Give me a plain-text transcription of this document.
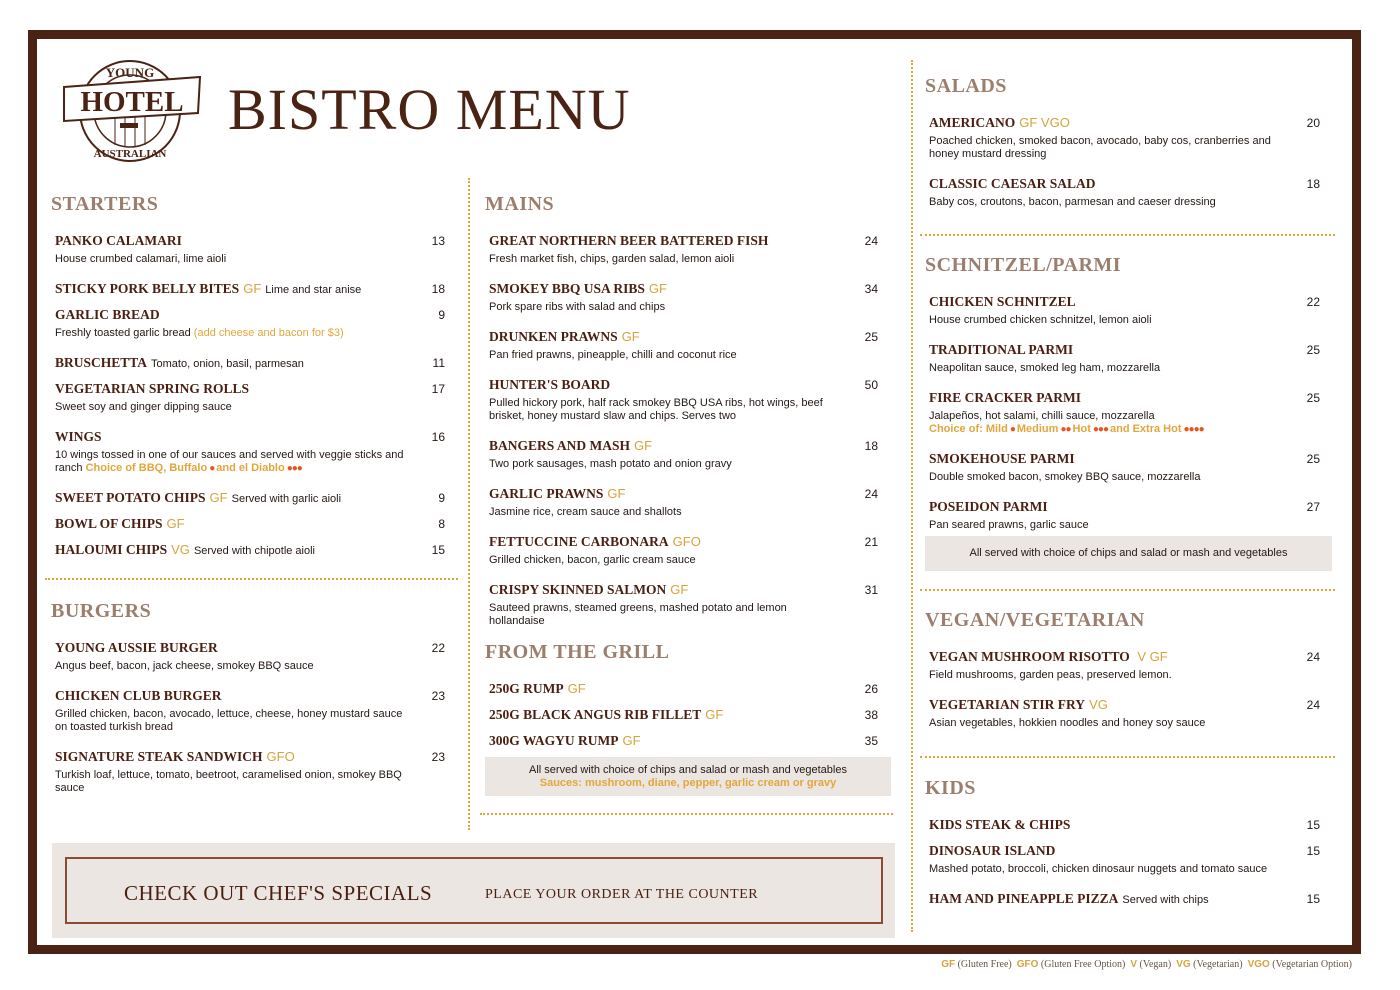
YOUNG
HOTEL
AUSTRALIAN
BISTRO MENU
STARTERS
PANKO CALAMARI	13
House crumbed calamari, lime aioli
STICKY PORK BELLY BITES GF Lime and star anise	18
GARLIC BREAD	9
Freshly toasted garlic bread (add cheese and bacon for $3)
BRUSCHETTA Tomato, onion, basil, parmesan	11
VEGETARIAN SPRING ROLLS	17
Sweet soy and ginger dipping sauce
WINGS	16
10 wings tossed in one of our sauces and served with veggie sticks and ranch Choice of BBQ, Buffalo ● and el Diablo ●●●
SWEET POTATO CHIPS GF Served with garlic aioli	9
BOWL OF CHIPS GF	8
HALOUMI CHIPS VG Served with chipotle aioli	15
BURGERS
YOUNG AUSSIE BURGER	22
Angus beef, bacon, jack cheese, smokey BBQ sauce
CHICKEN CLUB BURGER	23
Grilled chicken, bacon, avocado, lettuce, cheese, honey mustard sauce on toasted turkish bread
SIGNATURE STEAK SANDWICH GFO	23
Turkish loaf, lettuce, tomato, beetroot, caramelised onion, smokey BBQ sauce
MAINS
GREAT NORTHERN BEER BATTERED FISH	24
Fresh market fish, chips, garden salad, lemon aioli
SMOKEY BBQ USA RIBS GF	34
Pork spare ribs with salad and chips
DRUNKEN PRAWNS GF	25
Pan fried prawns, pineapple, chilli and coconut rice
HUNTER'S BOARD	50
Pulled hickory pork, half rack smokey BBQ USA ribs, hot wings, beef brisket, honey mustard slaw and chips. Serves two
BANGERS AND MASH GF	18
Two pork sausages, mash potato and onion gravy
GARLIC PRAWNS GF	24
Jasmine rice, cream sauce and shallots
FETTUCCINE CARBONARA GFO	21
Grilled chicken, bacon, garlic cream sauce
CRISPY SKINNED SALMON GF	31
Sauteed prawns, steamed greens, mashed potato and lemon hollandaise
FROM THE GRILL
250G RUMP GF	26
250G BLACK ANGUS RIB FILLET GF	38
300G WAGYU RUMP GF	35
SALADS
AMERICANO GF VGO	20
Poached chicken, smoked bacon, avocado, baby cos, cranberries and honey mustard dressing
CLASSIC CAESAR SALAD	18
Baby cos, croutons, bacon, parmesan and caeser dressing
SCHNITZEL/PARMI
CHICKEN SCHNITZEL	22
House crumbed chicken schnitzel, lemon aioli
TRADITIONAL PARMI	25
Neapolitan sauce, smoked leg ham, mozzarella
FIRE CRACKER PARMI	25
Jalapeños, hot salami, chilli sauce, mozzarella
Choice of: Mild ● Medium ●● Hot ●●● and Extra Hot ●●●●
SMOKEHOUSE PARMI	25
Double smoked bacon, smokey BBQ sauce, mozzarella
POSEIDON PARMI	27
Pan seared prawns, garlic sauce
VEGAN/VEGETARIAN
VEGAN MUSHROOM RISOTTO V GF	24
Field mushrooms, garden peas, preserved lemon.
VEGETARIAN STIR FRY VG	24
Asian vegetables, hokkien noodles and honey soy sauce
KIDS
KIDS STEAK & CHIPS	15
DINOSAUR ISLAND	15
Mashed potato, broccoli, chicken dinosaur nuggets and tomato sauce
HAM AND PINEAPPLE PIZZA Served with chips	15
All served with choice of chips and salad or mash and vegetables
Sauces: mushroom, diane, pepper, garlic cream or gravy
All served with choice of chips and salad or mash and vegetables
CHECK OUT CHEF'S SPECIALS	PLACE YOUR ORDER AT THE COUNTER
GF (Gluten Free) GFO (Gluten Free Option) V (Vegan) VG (Vegetarian) VGO (Vegetarian Option)
